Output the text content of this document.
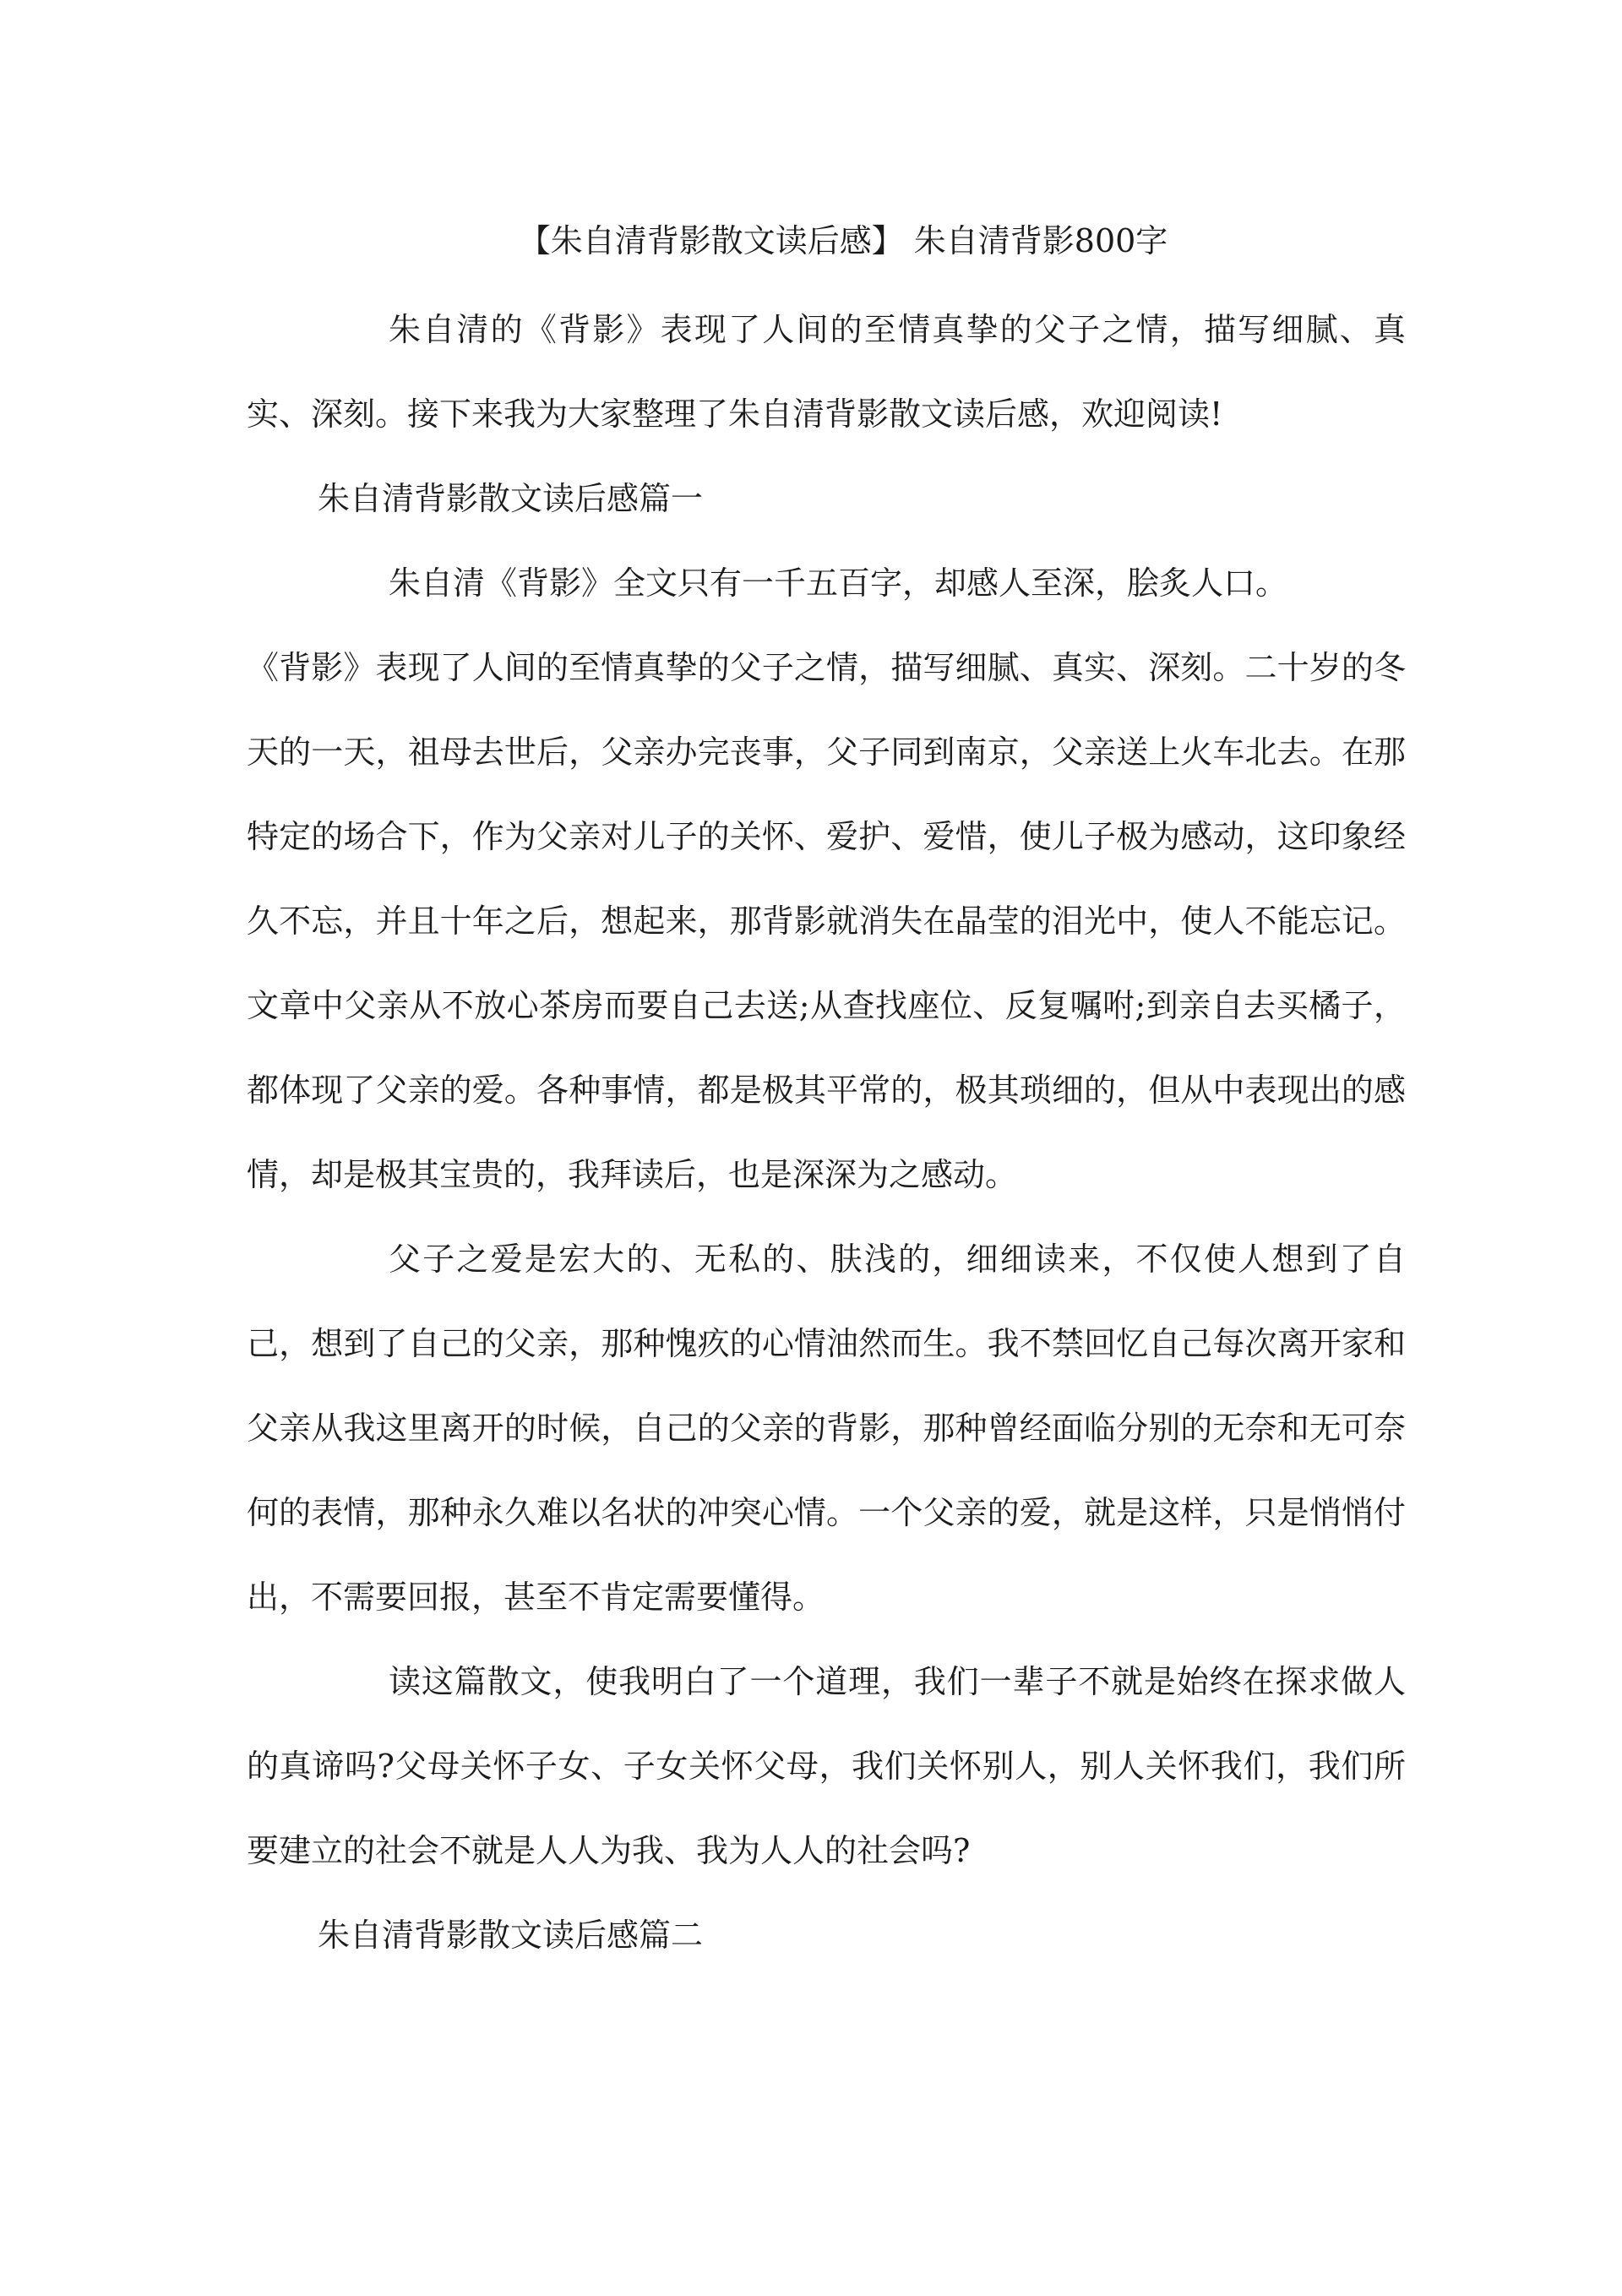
【朱自清背影散文读后感】 朱自清背影800字

朱自清的《背影》表现了人间的至情真挚的父子之情，描写细腻、真实、深刻。接下来我为大家整理了朱自清背影散文读后感，欢迎阅读!

朱自清背影散文读后感篇一

朱自清《背影》全文只有一千五百字，却感人至深，脍炙人口。

《背影》表现了人间的至情真挚的父子之情，描写细腻、真实、深刻。二十岁的冬天的一天，祖母去世后，父亲办完丧事，父子同到南京，父亲送上火车北去。在那特定的场合下，作为父亲对儿子的关怀、爱护、爱惜，使儿子极为感动，这印象经久不忘，并且十年之后，想起来，那背影就消失在晶莹的泪光中，使人不能忘记。文章中父亲从不放心茶房而要自己去送;从查找座位、反复嘱咐;到亲自去买橘子，都体现了父亲的爱。各种事情，都是极其平常的，极其琐细的，但从中表现出的感情，却是极其宝贵的，我拜读后，也是深深为之感动。

父子之爱是宏大的、无私的、肤浅的，细细读来，不仅使人想到了自己，想到了自己的父亲，那种愧疚的心情油然而生。我不禁回忆自己每次离开家和父亲从我这里离开的时候，自己的父亲的背影，那种曾经面临分别的无奈和无可奈何的表情，那种永久难以名状的冲突心情。一个父亲的爱，就是这样，只是悄悄付出，不需要回报，甚至不肯定需要懂得。

读这篇散文，使我明白了一个道理，我们一辈子不就是始终在探求做人的真谛吗?父母关怀子女、子女关怀父母，我们关怀别人，别人关怀我们，我们所要建立的社会不就是人人为我、我为人人的社会吗?

朱自清背影散文读后感篇二
